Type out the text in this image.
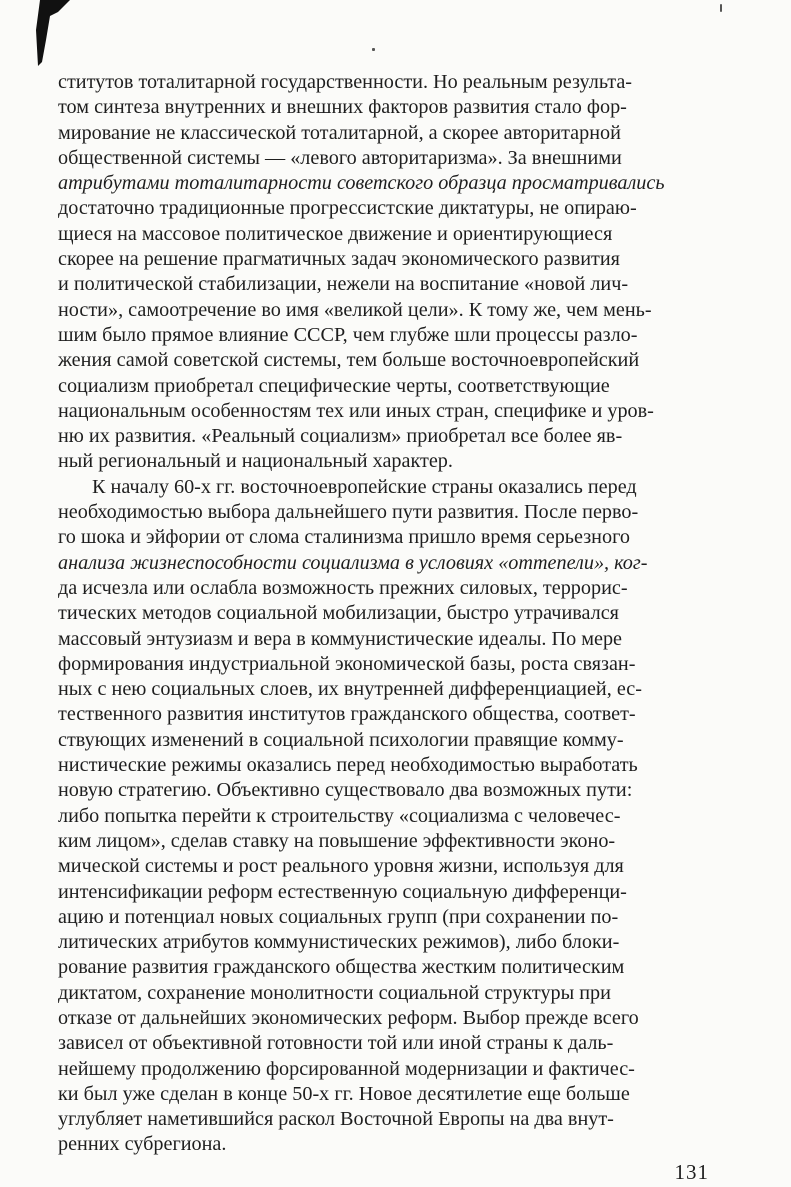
ститутов тоталитарной государственности. Но реальным результа-
том синтеза внутренних и внешних факторов развития стало фор-
мирование не классической тоталитарной, а скорее авторитарной
общественной системы — «левого авторитаризма». За внешними
атрибутами тоталитарности советского образца просматривались
достаточно традиционные прогрессистские диктатуры, не опираю-
щиеся на массовое политическое движение и ориентирующиеся
скорее на решение прагматичных задач экономического развития
и политической стабилизации, нежели на воспитание «новой лич-
ности», самоотречение во имя «великой цели». К тому же, чем мень-
шим было прямое влияние СССР, чем глубже шли процессы разло-
жения самой советской системы, тем больше восточноевропейский
социализм приобретал специфические черты, соответствующие
национальным особенностям тех или иных стран, специфике и уров-
ню их развития. «Реальный социализм» приобретал все более яв-
ный региональный и национальный характер.

К началу 60-х гг. восточноевропейские страны оказались перед
необходимостью выбора дальнейшего пути развития. После перво-
го шока и эйфории от слома сталинизма пришло время серьезного
анализа жизнеспособности социализма в условиях «оттепели», ког-
да исчезла или ослабла возможность прежних силовых, террорис-
тических методов социальной мобилизации, быстро утрачивался
массовый энтузиазм и вера в коммунистические идеалы. По мере
формирования индустриальной экономической базы, роста связан-
ных с нею социальных слоев, их внутренней дифференциацией, ес-
тественного развития институтов гражданского общества, соответ-
ствующих изменений в социальной психологии правящие комму-
нистические режимы оказались перед необходимостью выработать
новую стратегию. Объективно существовало два возможных пути:
либо попытка перейти к строительству «социализма с человечес-
ким лицом», сделав ставку на повышение эффективности эконо-
мической системы и рост реального уровня жизни, используя для
интенсификации реформ естественную социальную дифференци-
ацию и потенциал новых социальных групп (при сохранении по-
литических атрибутов коммунистических режимов), либо блоки-
рование развития гражданского общества жестким политическим
диктатом, сохранение монолитности социальной структуры при
отказе от дальнейших экономических реформ. Выбор прежде всего
зависел от объективной готовности той или иной страны к даль-
нейшему продолжению форсированной модернизации и фактичес-
ки был уже сделан в конце 50-х гг. Новое десятилетие еще больше
углубляет наметившийся раскол Восточной Европы на два внут-
ренних субрегиона.

131
